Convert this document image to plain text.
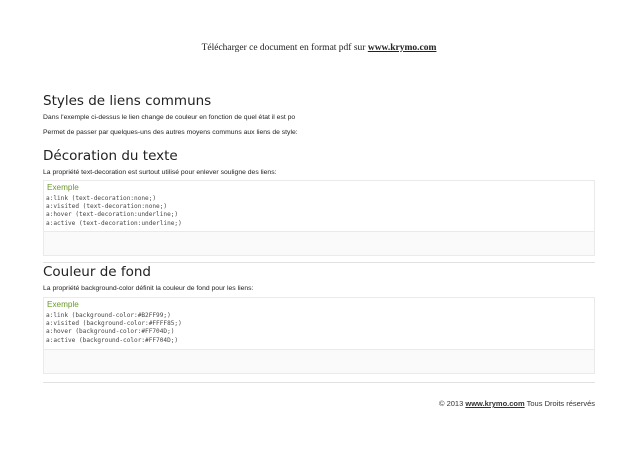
Télécharger ce document en format pdf sur www.krymo.com
Styles de liens communs

Dans l'exemple ci-dessus le lien change de couleur en fonction de quel état il est po

Permet de passer par quelques-uns des autres moyens communs aux liens de style:

Décoration du texte

La propriété text-decoration est surtout utilisé pour enlever souligne des liens:

Exemple
a:link (text-decoration:none;)
a:visited (text-decoration:none;)
a:hover (text-decoration:underline;)
a:active (text-decoration:underline;)
Couleur de fond

La propriété background-color définit la couleur de fond pour les liens:

Exemple
a:link (background-color:#B2FF99;)
a:visited (background-color:#FFFF85;)
a:hover (background-color:#FF704D;)
a:active (background-color:#FF704D;)
© 2013 www.krymo.com Tous Droits réservés
